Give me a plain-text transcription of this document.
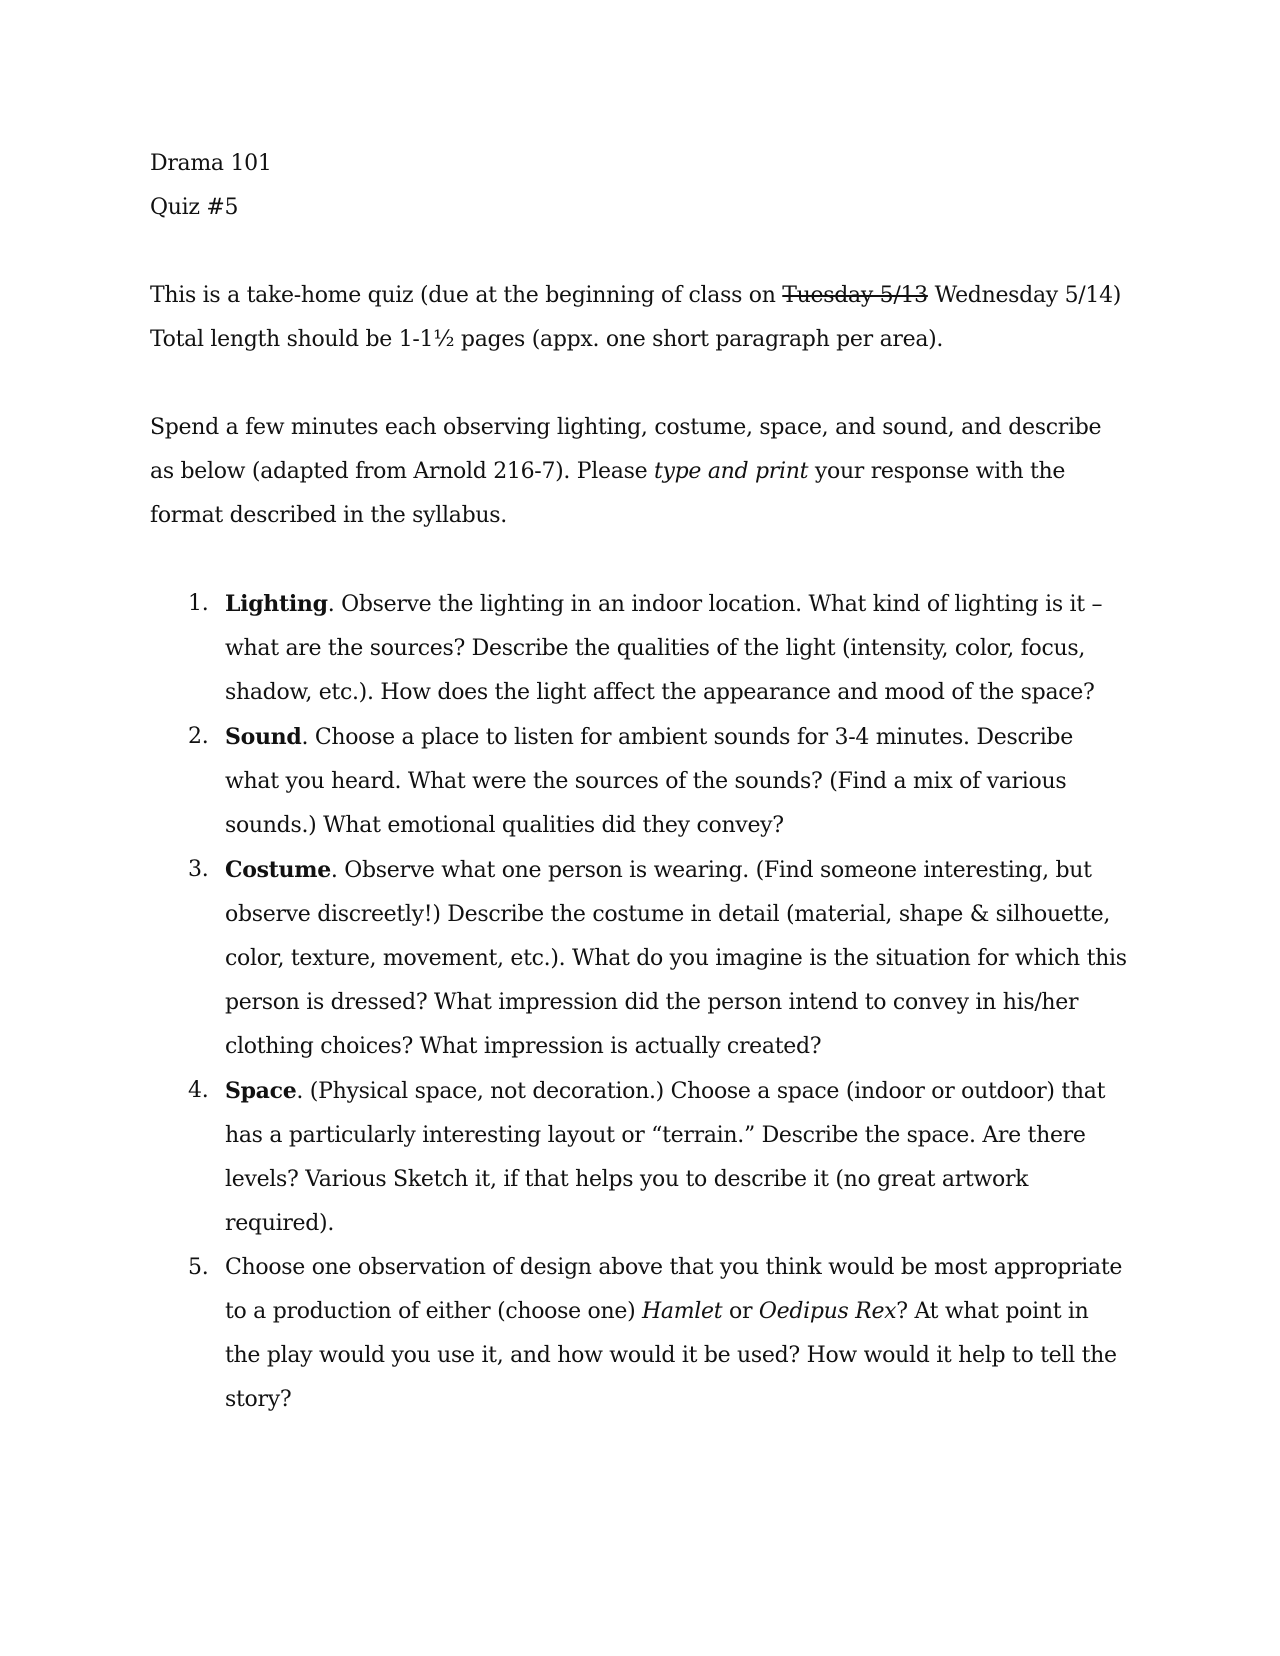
Drama 101
Quiz #5
This is a take-home quiz (due at the beginning of class on Tuesday 5/13 Wednesday 5/14)
Total length should be 1-1½ pages (appx. one short paragraph per area).
Spend a few minutes each observing lighting, costume, space, and sound, and describe as below (adapted from Arnold 216-7). Please type and print your response with the format described in the syllabus.
1. Lighting. Observe the lighting in an indoor location. What kind of lighting is it – what are the sources? Describe the qualities of the light (intensity, color, focus, shadow, etc.). How does the light affect the appearance and mood of the space?
2. Sound. Choose a place to listen for ambient sounds for 3-4 minutes. Describe what you heard. What were the sources of the sounds? (Find a mix of various sounds.) What emotional qualities did they convey?
3. Costume. Observe what one person is wearing. (Find someone interesting, but observe discreetly!) Describe the costume in detail (material, shape & silhouette, color, texture, movement, etc.). What do you imagine is the situation for which this person is dressed? What impression did the person intend to convey in his/her clothing choices? What impression is actually created?
4. Space. (Physical space, not decoration.) Choose a space (indoor or outdoor) that has a particularly interesting layout or “terrain.” Describe the space. Are there levels? Various Sketch it, if that helps you to describe it (no great artwork required).
5. Choose one observation of design above that you think would be most appropriate to a production of either (choose one) Hamlet or Oedipus Rex? At what point in the play would you use it, and how would it be used? How would it help to tell the story?
